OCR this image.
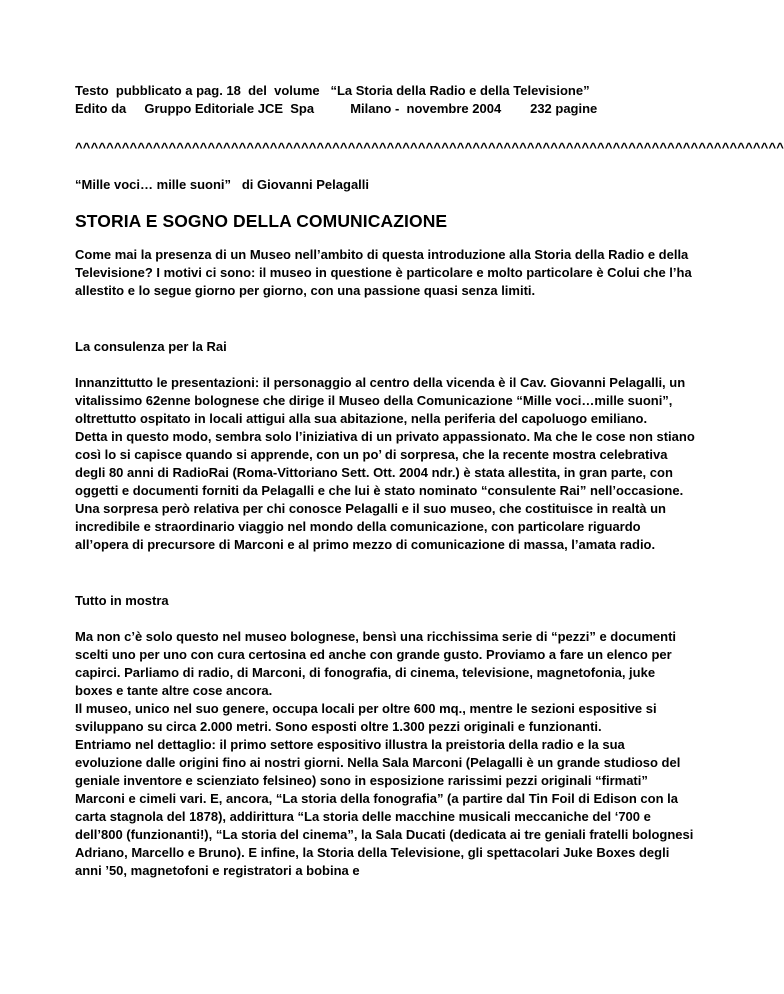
Testo  pubblicato a pag. 18  del  volume   “La Storia della Radio e della Televisione”
Edito da     Gruppo Editoriale JCE  Spa          Milano -  novembre 2004        232 pagine
^^^^^^^^^^^^^^^^^^^^^^^^^^^^^^^^^^^^^^^^^^^^^^^^^^^^^^^^^^^^^^^^^^^^^^^^^^^^^^^^^^^^^^^^^^^
“Mille voci… mille suoni”   di Giovanni Pelagalli
STORIA E SOGNO DELLA COMUNICAZIONE

Come mai la presenza di un Museo nell’ambito di questa introduzione alla Storia della Radio e della Televisione? I motivi ci sono: il museo in questione è particolare e molto particolare è Colui che l’ha allestito e lo segue giorno per giorno, con una passione quasi senza limiti.

La consulenza per la Rai

Innanzittutto le presentazioni: il personaggio al centro della vicenda è il Cav. Giovanni Pelagalli, un vitalissimo 62enne bolognese che dirige il Museo della Comunicazione “Mille voci…mille suoni”, oltrettutto ospitato in locali attigui alla sua abitazione, nella periferia del capoluogo emiliano.

Detta in questo modo, sembra solo l’iniziativa di un privato appassionato. Ma che le cose non stiano così lo si capisce quando si apprende, con un po’ di sorpresa, che la recente mostra celebrativa degli 80 anni di RadioRai (Roma-Vittoriano Sett. Ott. 2004 ndr.) è stata allestita, in gran parte, con oggetti e documenti forniti da Pelagalli e che lui è stato nominato “consulente Rai” nell’occasione. Una sorpresa però relativa per chi conosce Pelagalli e il suo museo, che costituisce in realtà un incredibile e straordinario viaggio nel mondo della comunicazione, con particolare riguardo all’opera di precursore di Marconi e al primo mezzo di comunicazione di massa, l’amata radio.

Tutto in mostra

Ma non c’è solo questo nel museo bolognese, bensì una ricchissima serie di “pezzi” e documenti scelti uno per uno con cura certosina ed anche con grande gusto. Proviamo a fare un elenco per capirci. Parliamo di radio, di Marconi, di fonografia, di cinema, televisione, magnetofonia, juke boxes e tante altre cose ancora.

Il museo, unico nel suo genere, occupa locali per oltre 600 mq., mentre le sezioni espositive si sviluppano su circa 2.000 metri. Sono esposti oltre 1.300 pezzi originali e funzionanti.

Entriamo nel dettaglio: il primo settore espositivo illustra la preistoria della radio e la sua evoluzione dalle origini fino ai nostri giorni. Nella Sala Marconi (Pelagalli è un grande studioso del geniale inventore e scienziato felsineo) sono in esposizione rarissimi pezzi originali “firmati” Marconi e cimeli vari. E, ancora, “La storia della fonografia” (a partire dal Tin Foil di Edison con la carta stagnola del 1878), addirittura “La storia delle macchine musicali meccaniche del ‘700 e dell’800 (funzionanti!), “La storia del cinema”, la Sala Ducati (dedicata ai tre geniali fratelli bolognesi Adriano, Marcello e Bruno). E infine, la Storia della Televisione, gli spettacolari Juke Boxes degli anni ’50, magnetofoni e registratori a bobina e
